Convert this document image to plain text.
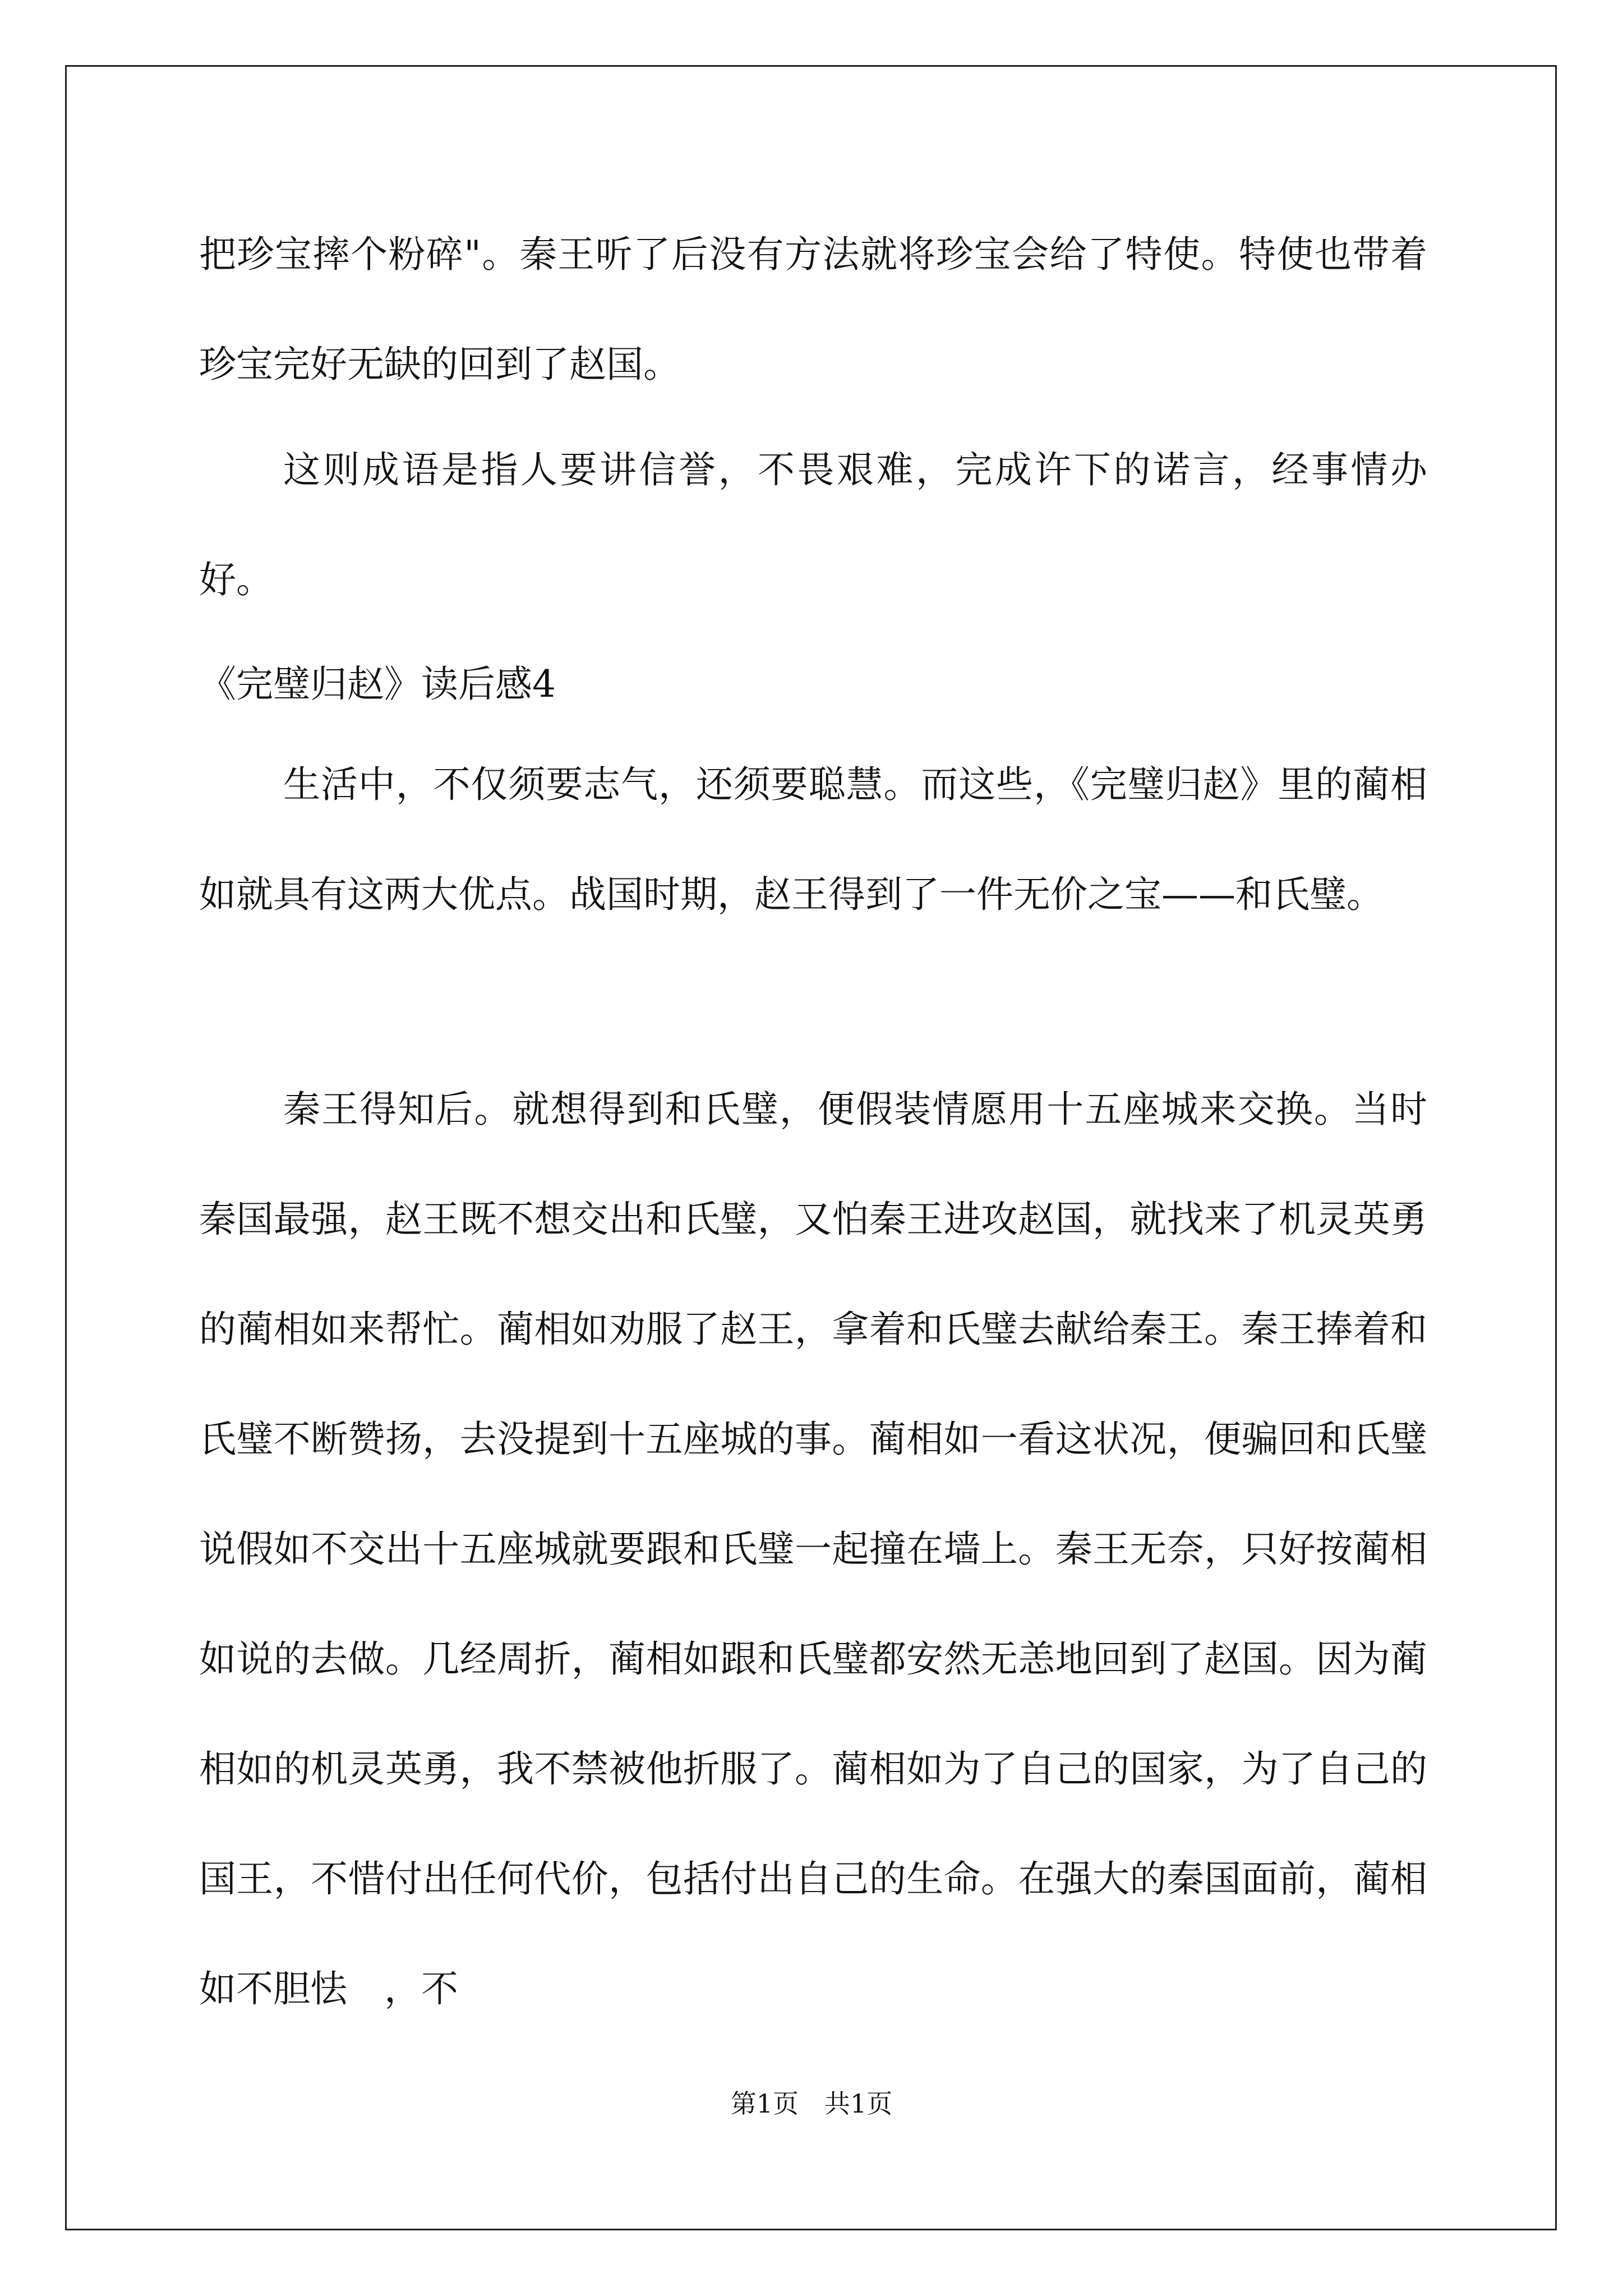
把珍宝摔个粉碎"。秦王听了后没有方法就将珍宝会给了特使。特使也带着珍宝完好无缺的回到了赵国。
这则成语是指人要讲信誉，不畏艰难，完成许下的诺言，经事情办好。
《完璧归赵》读后感4
生活中，不仅须要志气，还须要聪慧。而这些，《完璧归赵》里的蔺相如就具有这两大优点。战国时期，赵王得到了一件无价之宝——和氏璧。
秦王得知后。就想得到和氏璧，便假装情愿用十五座城来交换。当时秦国最强，赵王既不想交出和氏璧，又怕秦王进攻赵国，就找来了机灵英勇的蔺相如来帮忙。蔺相如劝服了赵王，拿着和氏璧去献给秦王。秦王捧着和氏璧不断赞扬，去没提到十五座城的事。蔺相如一看这状况，便骗回和氏璧说假如不交出十五座城就要跟和氏璧一起撞在墙上。秦王无奈，只好按蔺相如说的去做。几经周折，蔺相如跟和氏璧都安然无恙地回到了赵国。因为蔺相如的机灵英勇，我不禁被他折服了。蔺相如为了自己的国家，为了自己的国王，不惜付出任何代价，包括付出自己的生命。在强大的秦国面前，蔺相如不胆怯　，不
第1页　共1页
